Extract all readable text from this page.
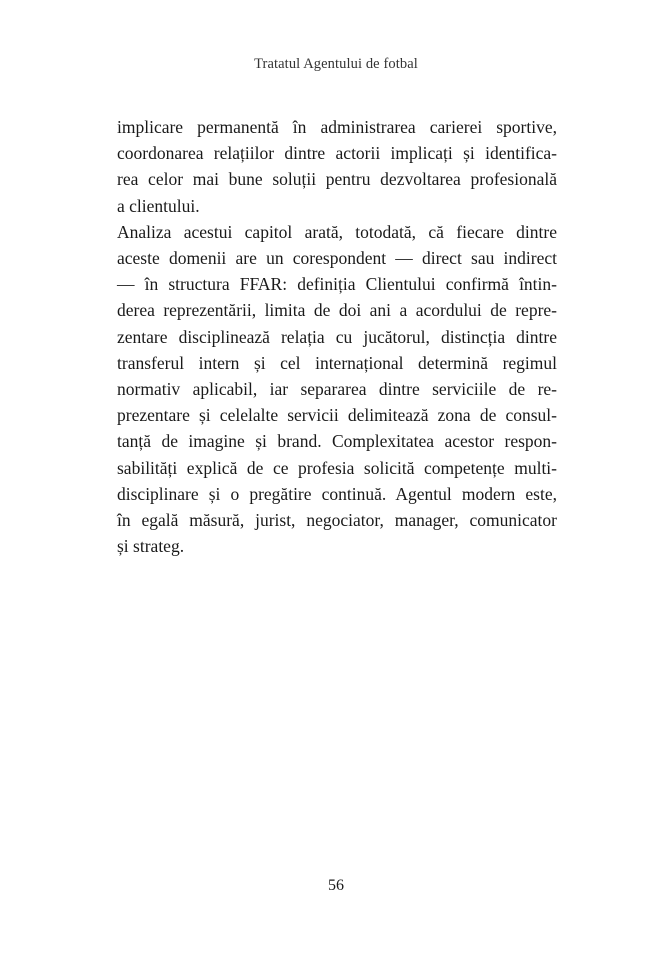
Tratatul Agentului de fotbal
implicare permanentă în administrarea carierei sportive,
coordonarea relațiilor dintre actorii implicați și identifica-
rea celor mai bune soluții pentru dezvoltarea profesională
a clientului.
Analiza acestui capitol arată, totodată, că fiecare dintre
aceste domenii are un corespondent — direct sau indirect
— în structura FFAR: definiția Clientului confirmă întin-
derea reprezentării, limita de doi ani a acordului de repre-
zentare disciplinează relația cu jucătorul, distincția dintre
transferul intern și cel internațional determină regimul
normativ aplicabil, iar separarea dintre serviciile de re-
prezentare și celelalte servicii delimitează zona de consul-
tanță de imagine și brand. Complexitatea acestor respon-
sabilități explică de ce profesia solicită competențe multi-
disciplinare și o pregătire continuă. Agentul modern este,
în egală măsură, jurist, negociator, manager, comunicator
și strateg.
56
